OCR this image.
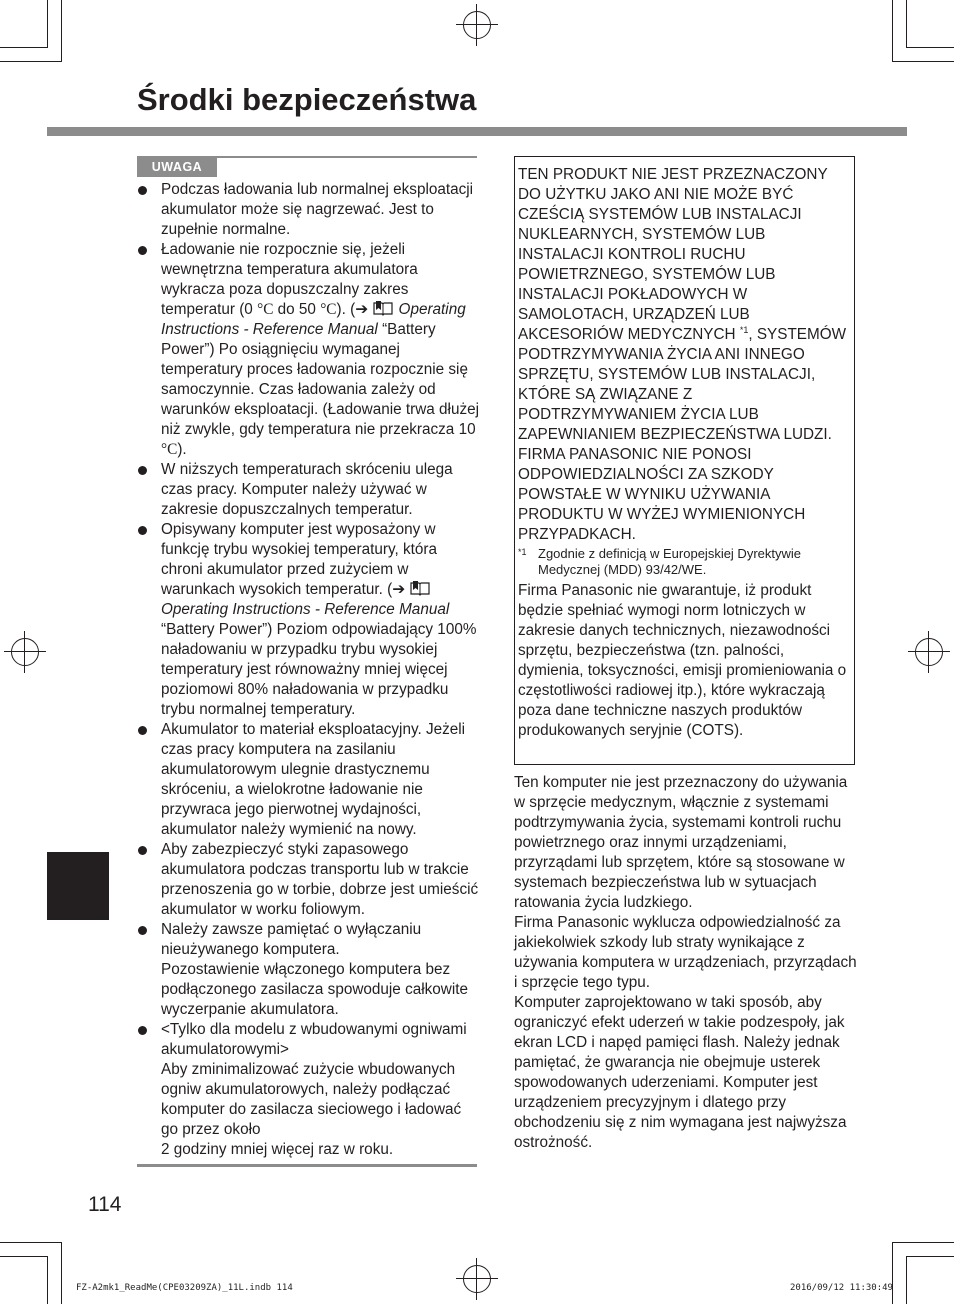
Środki bezpieczeństwa
UWAGA
Podczas ładowania lub normalnej eksploatacji akumulator może się nagrzewać. Jest to zupełnie normalne.
Ładowanie nie rozpocznie się, jeżeli wewnętrzna temperatura akumulatora wykracza poza dopuszczalny zakres temperatur (0 °C do 50 °C). (➔ Operating Instructions - Reference Manual “Battery Power”) Po osiągnięciu wymaganej temperatury proces ładowania rozpocznie się samoczynnie. Czas ładowania zależy od warunków eksploatacji. (Ładowanie trwa dłużej niż zwykle, gdy temperatura nie przekracza 10 °C).
W niższych temperaturach skróceniu ulega czas pracy. Komputer należy używać w zakresie dopuszczalnych temperatur.
Opisywany komputer jest wyposażony w funkcję trybu wysokiej temperatury, która chroni akumulator przed zużyciem w warunkach wysokich temperatur. (➔  Operating Instructions - Reference Manual “Battery Power”) Poziom odpowiadający 100% naładowaniu w przypadku trybu wysokiej temperatury jest równoważny mniej więcej poziomowi 80% naładowania w przypadku trybu normalnej temperatury.
Akumulator to materiał eksploatacyjny. Jeżeli czas pracy komputera na zasilaniu akumulatorowym ulegnie drastycznemu skróceniu, a wielokrotne ładowanie nie przywraca jego pierwotnej wydajności, akumulator należy wymienić na nowy.
Aby zabezpieczyć styki zapasowego akumulatora podczas transportu lub w trakcie przenoszenia go w torbie, dobrze jest umieścić akumulator w worku foliowym.
Należy zawsze pamiętać o wyłączaniu nieużywanego komputera.
Pozostawienie włączonego komputera bez podłączonego zasilacza spowoduje całkowite wyczerpanie akumulatora.
<Tylko dla modelu z wbudowanymi ogniwami akumulatorowymi>
Aby zminimalizować zużycie wbudowanych ogniw akumulatorowych, należy podłączać komputer do zasilacza sieciowego i ładować go przez około
2 godziny mniej więcej raz w roku.
114
TEN PRODUKT NIE JEST PRZEZNACZONY DO UŻYTKU JAKO ANI NIE MOŻE BYĆ CZEŚCIĄ SYSTEMÓW LUB INSTALACJI NUKLEARNYCH, SYSTEMÓW LUB INSTALACJI KONTROLI RUCHU POWIETRZNEGO, SYSTEMÓW LUB INSTALACJI POKŁADOWYCH W SAMOLOTACH, URZĄDZEŃ LUB AKCESORIÓW MEDYCZNYCH $^{*1}$, SYSTEMÓW PODTRZYMYWANIA ŻYCIA ANI INNEGO SPRZĘTU, SYSTEMÓW LUB INSTALACJI, KTÓRE SĄ ZWIĄZANE Z PODTRZYMYWANIEM ŻYCIA LUB ZAPEWNIANIEM BEZPIECZEŃSTWA LUDZI.
FIRMA PANASONIC NIE PONOSI ODPOWIEDZIALNOŚCI ZA SZKODY POWSTAŁE W WYNIKU UŻYWANIA PRODUKTU W WYŻEJ WYMIENIONYCH PRZYPADKACH.
*1 Zgodnie z definicją w Europejskiej Dyrektywie Medycznej (MDD) 93/42/WE.
Firma Panasonic nie gwarantuje, iż produkt będzie spełniać wymogi norm lotniczych w zakresie danych technicznych, niezawodności sprzętu, bezpieczeństwa (tzn. palności, dymienia, toksyczności, emisji promieniowania o częstotliwości radiowej itp.), które wykraczają poza dane techniczne naszych produktów produkowanych seryjnie (COTS).
Ten komputer nie jest przeznaczony do używania w sprzęcie medycznym, włącznie z systemami podtrzymywania życia, systemami kontroli ruchu powietrznego oraz innymi urządzeniami, przyrządami lub sprzętem, które są stosowane w systemach bezpieczeństwa lub w sytuacjach ratowania życia ludzkiego.
Firma Panasonic wyklucza odpowiedzialność za jakiekolwiek szkody lub straty wynikające z używania komputera w urządzeniach, przyrządach i sprzęcie tego typu.
Komputer zaprojektowano w taki sposób, aby ograniczyć efekt uderzeń w takie podzespoły, jak ekran LCD i napęd pamięci flash. Należy jednak pamiętać, że gwarancja nie obejmuje usterek spowodowanych uderzeniami. Komputer jest urządzeniem precyzyjnym i dlatego przy obchodzeniu się z nim wymagana jest najwyższa ostrożność.
FZ-A2mk1_ReadMe(CPE03209ZA)_11L.indb 114	2016/09/12 11:30:49
